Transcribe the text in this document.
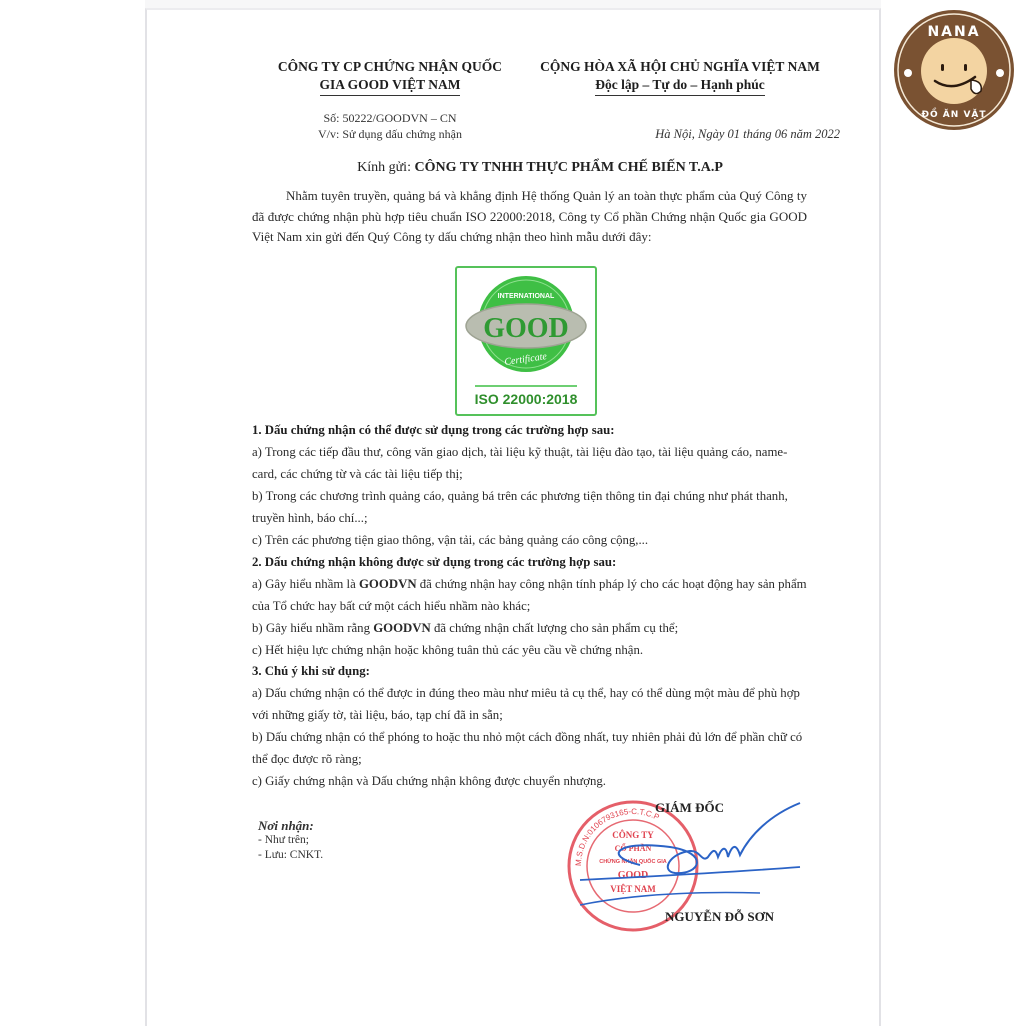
CÔNG TY CP CHỨNG NHẬN QUỐC
GIA GOOD VIỆT NAM
CỘNG HÒA XÃ HỘI CHỦ NGHĨA VIỆT NAM
Độc lập – Tự do – Hạnh phúc
Số: 50222/GOODVN – CN
V/v: Sử dụng dấu chứng nhận	Hà Nội, Ngày 01 tháng 06 năm 2022
Kính gửi: CÔNG TY TNHH THỰC PHẨM CHẾ BIẾN T.A.P
Nhằm tuyên truyền, quảng bá và khẳng định Hệ thống Quản lý an toàn thực phẩm của Quý Công ty đã được chứng nhận phù hợp tiêu chuẩn ISO 22000:2018, Công ty Cổ phần Chứng nhận Quốc gia GOOD Việt Nam xin gửi đến Quý Công ty dấu chứng nhận theo hình mẫu dưới đây:
INTERNATIONAL
GOOD
Certificate
ISO 22000:2018

1. Dấu chứng nhận có thể được sử dụng trong các trường hợp sau:

a) Trong các tiếp đầu thư, công văn giao dịch, tài liệu kỹ thuật, tài liệu đào tạo, tài liệu quảng cáo, name-card, các chứng từ và các tài liệu tiếp thị;

b) Trong các chương trình quảng cáo, quảng bá trên các phương tiện thông tin đại chúng như phát thanh, truyền hình, báo chí...;

c) Trên các phương tiện giao thông, vận tải, các bảng quảng cáo công cộng,...

2. Dấu chứng nhận không được sử dụng trong các trường hợp sau:

a) Gây hiểu nhầm là GOODVN đã chứng nhận hay công nhận tính pháp lý cho các hoạt động hay sản phẩm của Tổ chức hay bất cứ một cách hiểu nhầm nào khác;

b) Gây hiểu nhầm rằng GOODVN đã chứng nhận chất lượng cho sản phẩm cụ thể;

c) Hết hiệu lực chứng nhận hoặc không tuân thủ các yêu cầu về chứng nhận.

3. Chú ý khi sử dụng:

a) Dấu chứng nhận có thể được in đúng theo màu như miêu tả cụ thể, hay có thể dùng một màu để phù hợp với những giấy tờ, tài liệu, báo, tạp chí đã in sẵn;

b) Dấu chứng nhận có thể phóng to hoặc thu nhỏ một cách đồng nhất, tuy nhiên phải đủ lớn để phần chữ có thể đọc được rõ ràng;

c) Giấy chứng nhận và Dấu chứng nhận không được chuyển nhượng.

Nơi nhận:
- Như trên;
- Lưu: CNKT.
CÔNG TY
CỔ PHẦN
CHỨNG NHẬN QUỐC GIA
GOOD
VIỆT NAM
M.S.D.N:0106793165-C.T.C.P
GIÁM ĐỐC
NGUYỄN ĐỖ SƠN
NANA
ĐỒ ĂN VẶT
